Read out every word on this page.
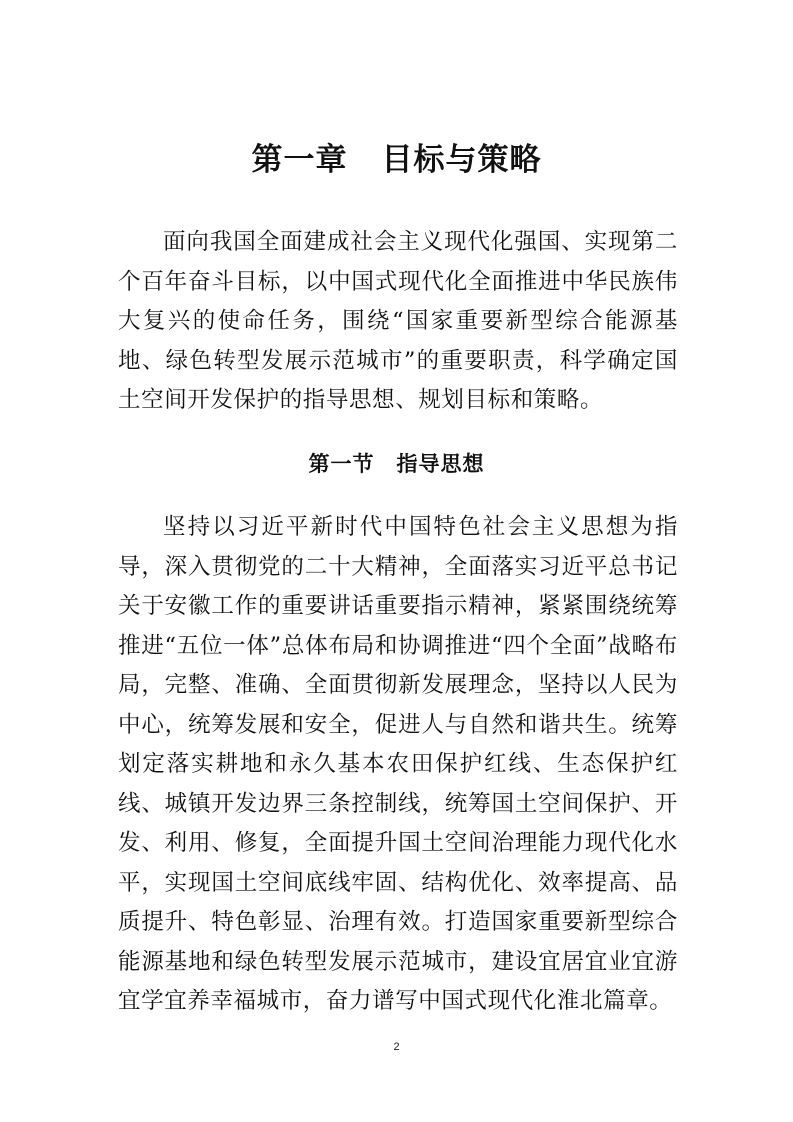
第一章 目标与策略

面向我国全面建成社会主义现代化强国、实现第二个百年奋斗目标，以中国式现代化全面推进中华民族伟大复兴的使命任务，围绕“国家重要新型综合能源基地、绿色转型发展示范城市”的重要职责，科学确定国土空间开发保护的指导思想、规划目标和策略。

第一节 指导思想

坚持以习近平新时代中国特色社会主义思想为指导，深入贯彻党的二十大精神，全面落实习近平总书记关于安徽工作的重要讲话重要指示精神，紧紧围绕统筹推进“五位一体”总体布局和协调推进“四个全面”战略布局，完整、准确、全面贯彻新发展理念，坚持以人民为中心，统筹发展和安全，促进人与自然和谐共生。统筹划定落实耕地和永久基本农田保护红线、生态保护红线、城镇开发边界三条控制线，统筹国土空间保护、开发、利用、修复，全面提升国土空间治理能力现代化水平，实现国土空间底线牢固、结构优化、效率提高、品质提升、特色彰显、治理有效。打造国家重要新型综合能源基地和绿色转型发展示范城市，建设宜居宜业宜游宜学宜养幸福城市，奋力谱写中国式现代化淮北篇章。

2
